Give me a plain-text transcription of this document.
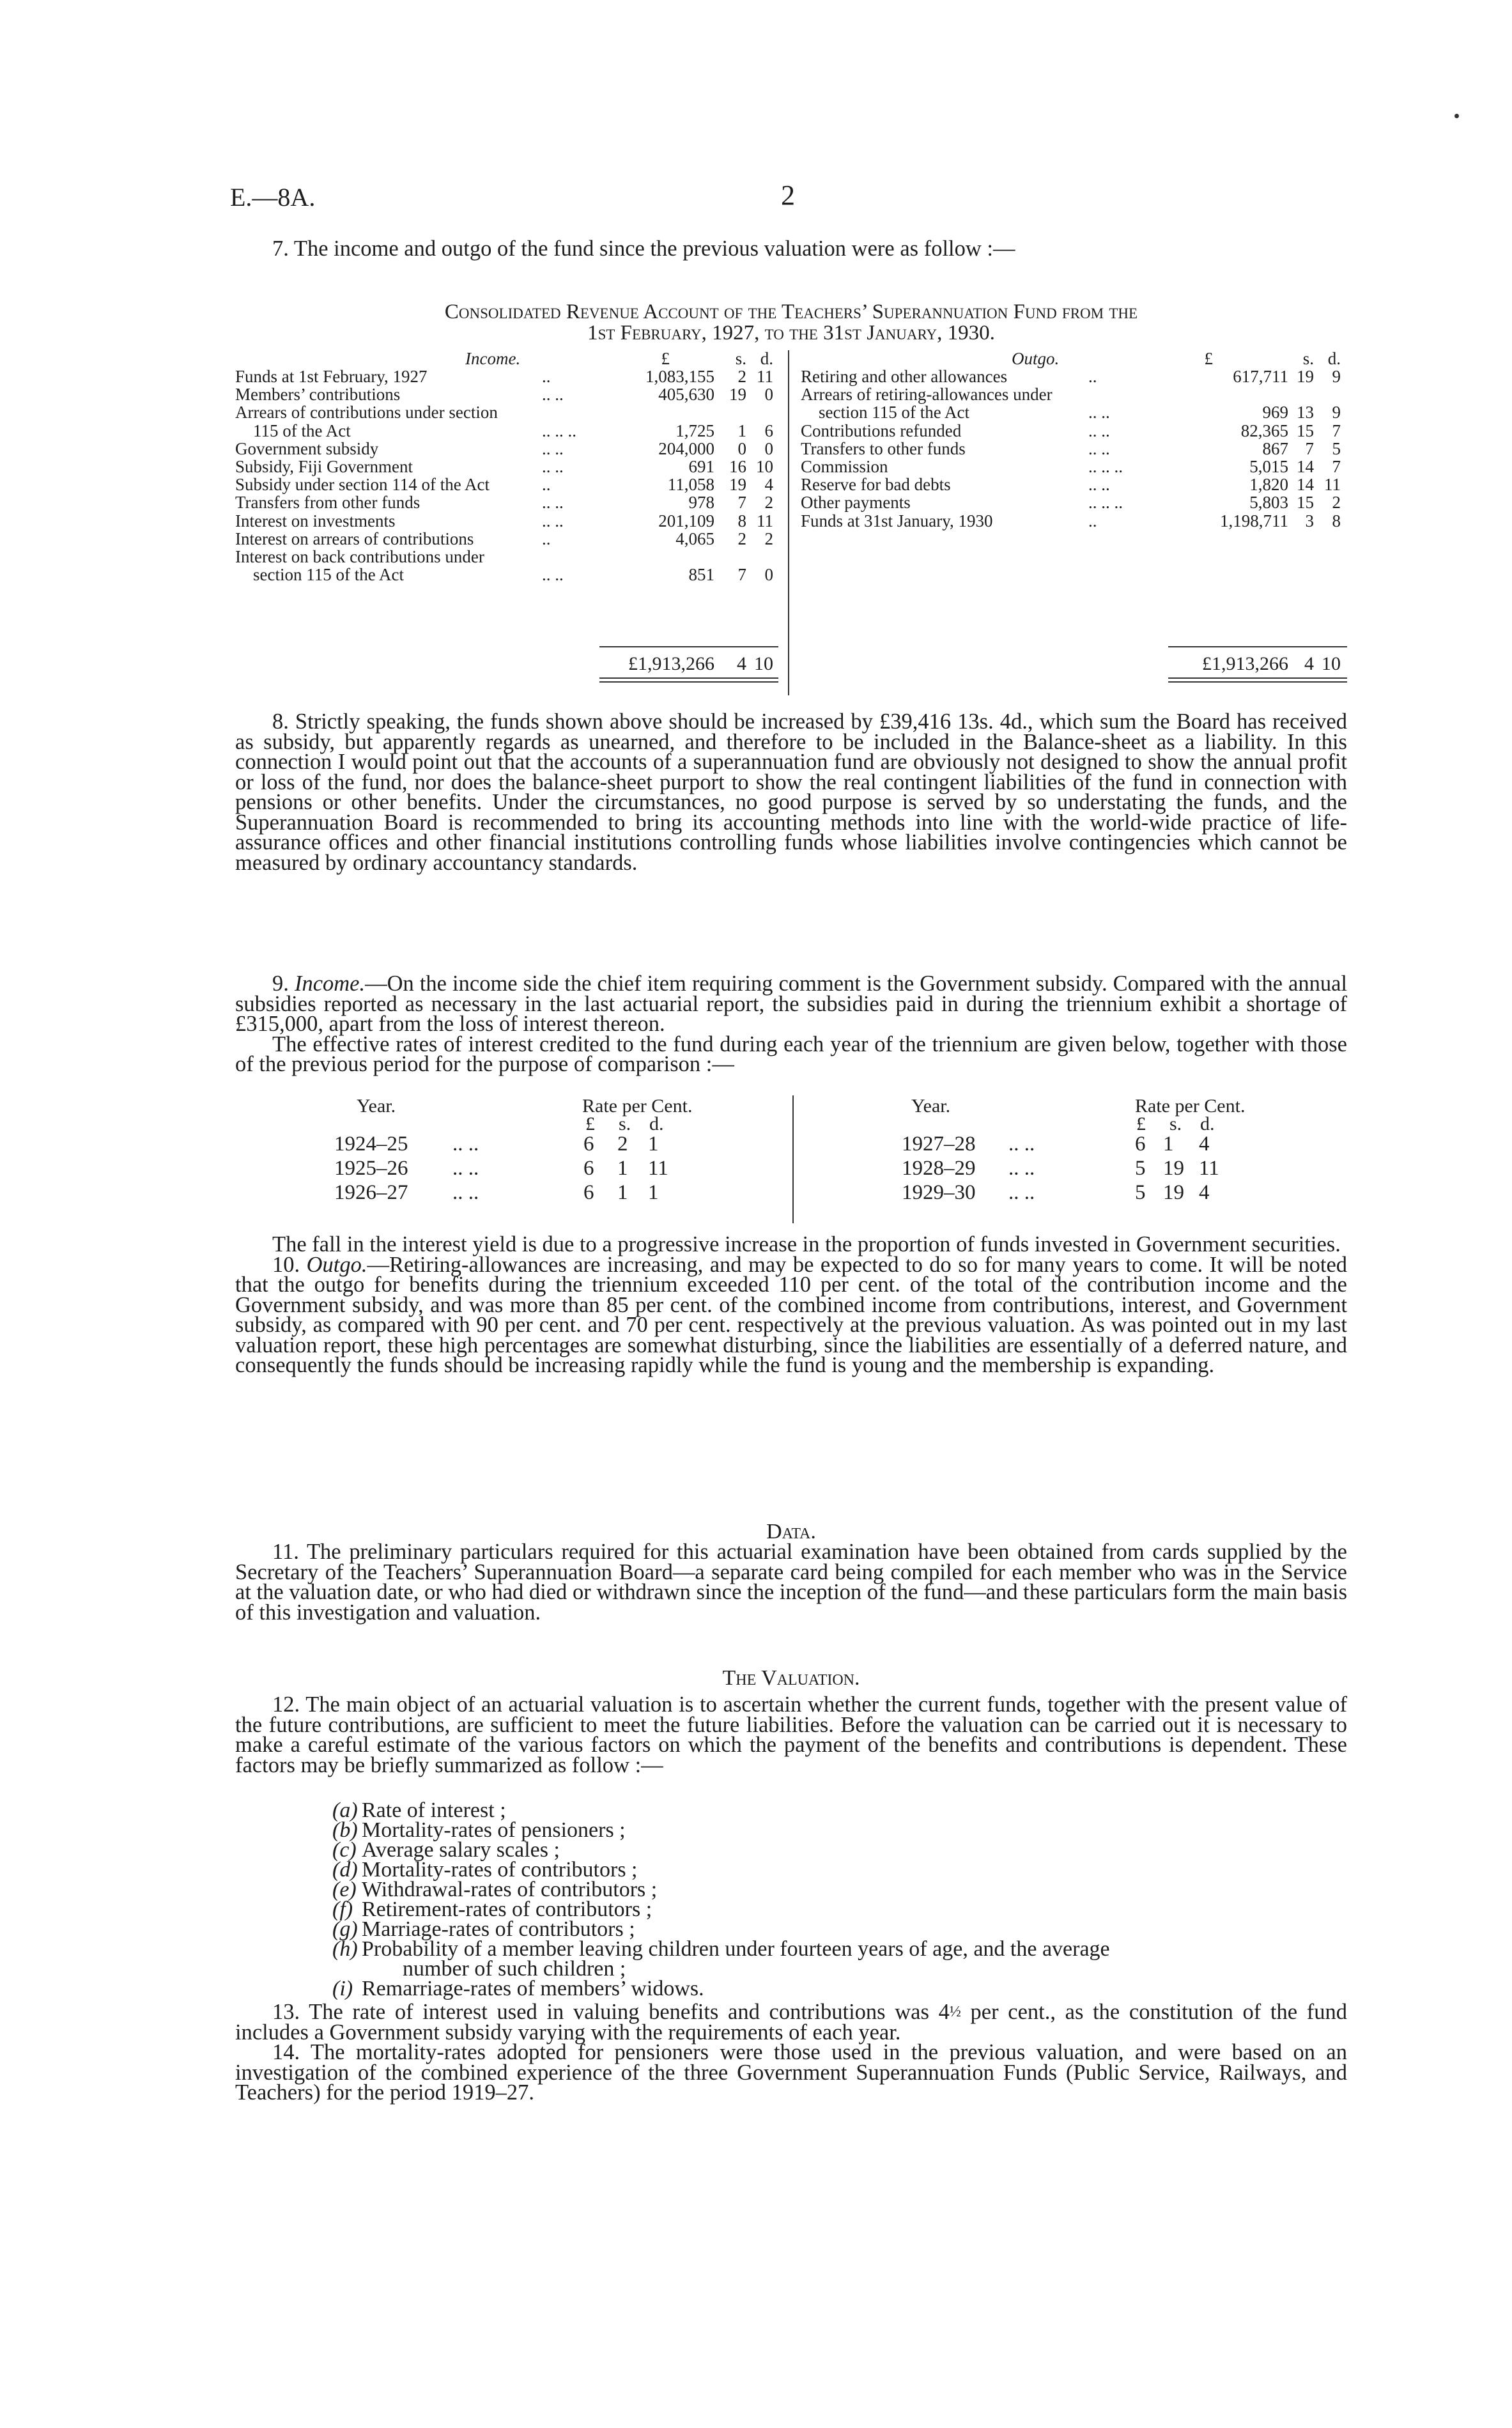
E.—8A.	2

7. The income and outgo of the fund since the previous valuation were as follow :—

Consolidated Revenue Account of the Teachers’ Superannuation Fund from the
1st February, 1927, to the 31st January, 1930.
Income.	£	s. d.
Funds at 1st February, 1927	..	1,083,155	2 11
Members’ contributions	.. ..	405,630 19	0
Arrears of contributions under section
115 of the Act	.. .. ..	1,725	1	6
Government subsidy	.. ..	204,000	0	0
Subsidy, Fiji Government	.. ..	691 16 10
Subsidy under section 114 of the Act	..	11,058 19	4
Transfers from other funds	.. ..	978	7	2
Interest on investments	.. ..	201,109	8 11
Interest on arrears of contributions	..	4,065	2	2
Interest on back contributions under
section 115 of the Act	.. ..	851	7	0
Outgo.	£	s. d.
Retiring and other allowances	..	617,711 19	9
Arrears of retiring-allowances under
section 115 of the Act	.. ..	969 13	9
Contributions refunded	.. ..	82,365 15	7
Transfers to other funds	.. ..	867 7	5
Commission	.. .. ..	5,015 14	7
Reserve for bad debts	.. ..	1,820 14 11
Other payments	.. .. ..	5,803 15	2
Funds at 31st January, 1930	..	1,198,711 3	8
£1,913,266	4 10	£1,913,266 4 10

8. Strictly speaking, the funds shown above should be increased by £39,416 13s. 4d., which sum the Board has received as subsidy, but apparently regards as unearned, and therefore to be included in the Balance-sheet as a liability. In this connection I would point out that the accounts of a superannuation fund are obviously not designed to show the annual profit or loss of the fund, nor does the balance-sheet purport to show the real contingent liabilities of the fund in connection with pensions or other benefits. Under the circumstances, no good purpose is served by so understating the funds, and the Superannuation Board is recommended to bring its accounting methods into line with the world-wide practice of life-assurance offices and other financial institutions controlling funds whose liabilities involve contingencies which cannot be measured by ordinary accountancy standards.

9. Income.—On the income side the chief item requiring comment is the Government subsidy. Compared with the annual subsidies reported as necessary in the last actuarial report, the subsidies paid in during the triennium exhibit a shortage of £315,000, apart from the loss of interest thereon.

The effective rates of interest credited to the fund during each year of the triennium are given below, together with those of the previous period for the purpose of comparison :—

Year.	Rate per Cent.
£ s. d.
Year.	Rate per Cent.
£ s. d.
1924–25 .. ..	6 2 1
1925–26 .. ..	6 1 11
1926–27 .. ..	6 1 1
1927–28 .. ..	6 1 4
1928–29 .. ..	5 19 11
1929–30 .. ..	5 19 4

The fall in the interest yield is due to a progressive increase in the proportion of funds invested in Government securities.

10. Outgo.—Retiring-allowances are increasing, and may be expected to do so for many years to come. It will be noted that the outgo for benefits during the triennium exceeded 110 per cent. of the total of the contribution income and the Government subsidy, and was more than 85 per cent. of the combined income from contributions, interest, and Government subsidy, as compared with 90 per cent. and 70 per cent. respectively at the previous valuation. As was pointed out in my last valuation report, these high percentages are somewhat disturbing, since the liabilities are essentially of a deferred nature, and consequently the funds should be increasing rapidly while the fund is young and the membership is expanding.

Data.

11. The preliminary particulars required for this actuarial examination have been obtained from cards supplied by the Secretary of the Teachers’ Superannuation Board—a separate card being compiled for each member who was in the Service at the valuation date, or who had died or withdrawn since the inception of the fund—and these particulars form the main basis of this investigation and valuation.

The Valuation.

12. The main object of an actuarial valuation is to ascertain whether the current funds, together with the present value of the future contributions, are sufficient to meet the future liabilities. Before the valuation can be carried out it is necessary to make a careful estimate of the various factors on which the payment of the benefits and contributions is dependent. These factors may be briefly summarized as follow :—

(a) Rate of interest ;
(b) Mortality-rates of pensioners ;
(c) Average salary scales ;
(d) Mortality-rates of contributors ;
(e) Withdrawal-rates of contributors ;
(f) Retirement-rates of contributors ;
(g) Marriage-rates of contributors ;
(h) Probability of a member leaving children under fourteen years of age, and the average
number of such children ;
(i) Remarriage-rates of members’ widows.

13. The rate of interest used in valuing benefits and contributions was 4½ per cent., as the constitution of the fund includes a Government subsidy varying with the requirements of each year.

14. The mortality-rates adopted for pensioners were those used in the previous valuation, and were based on an investigation of the combined experience of the three Government Superannuation Funds (Public Service, Railways, and Teachers) for the period 1919–27.
